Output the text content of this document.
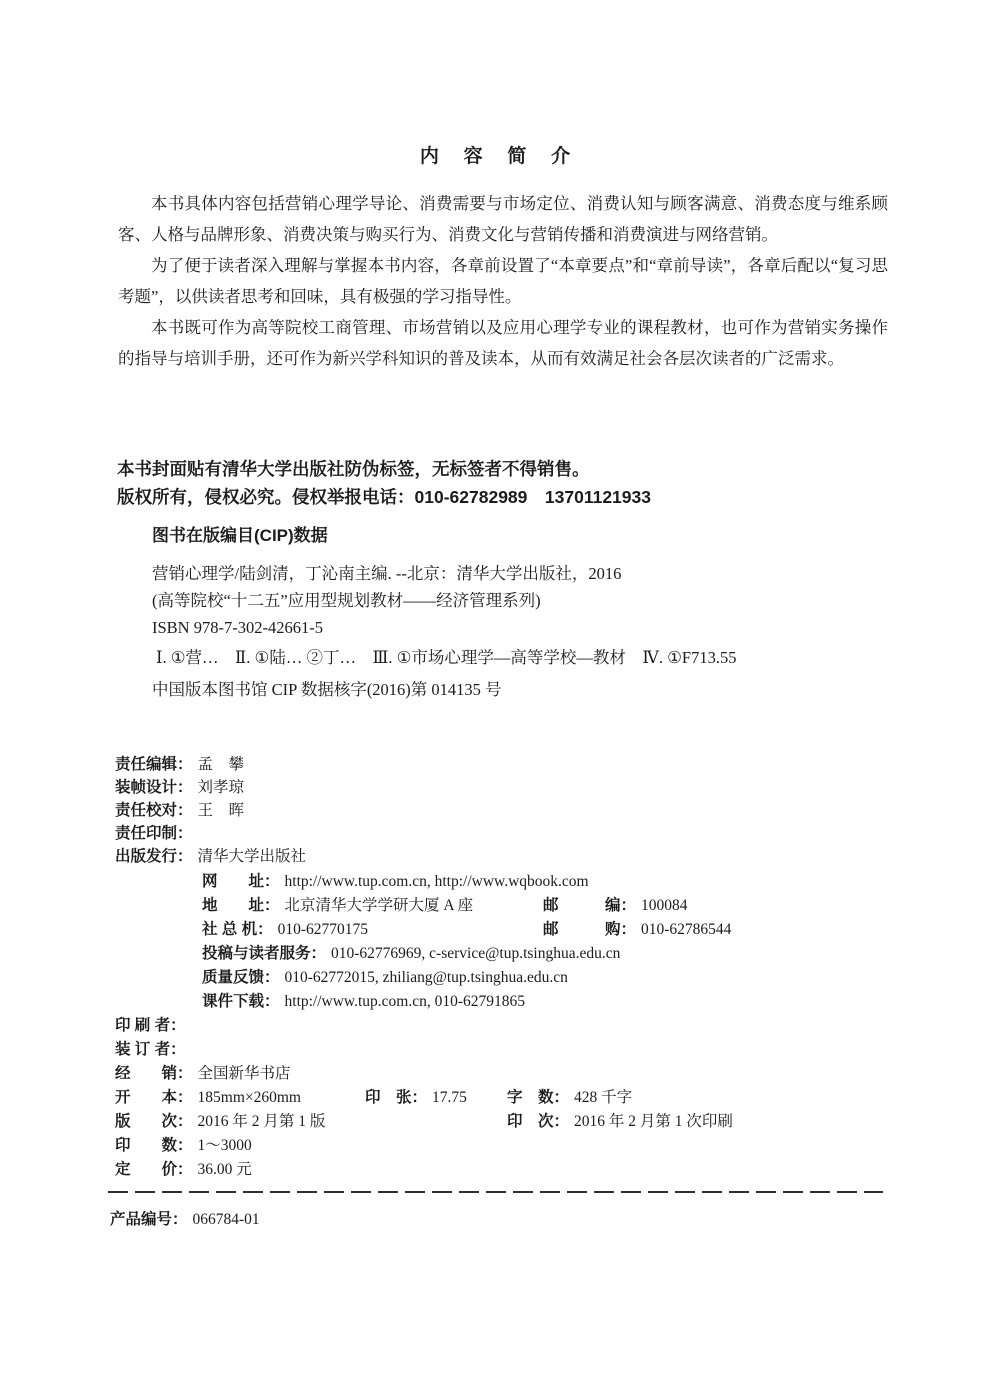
内 容 简 介

本书具体内容包括营销心理学导论、消费需要与市场定位、消费认知与顾客满意、消费态度与维系顾客、人格与品牌形象、消费决策与购买行为、消费文化与营销传播和消费演进与网络营销。

为了便于读者深入理解与掌握本书内容，各章前设置了“本章要点”和“章前导读”，各章后配以“复习思考题”，以供读者思考和回味，具有极强的学习指导性。

本书既可作为高等院校工商管理、市场营销以及应用心理学专业的课程教材，也可作为营销实务操作的指导与培训手册，还可作为新兴学科知识的普及读本，从而有效满足社会各层次读者的广泛需求。

本书封面贴有清华大学出版社防伪标签，无标签者不得销售。

版权所有，侵权必究。侵权举报电话：010-62782989　13701121933

图书在版编目(CIP)数据

营销心理学/陆剑清，丁沁南主编. --北京：清华大学出版社，2016

(高等院校“十二五”应用型规划教材——经济管理系列)

ISBN 978-7-302-42661-5

Ⅰ. ①营…　Ⅱ. ①陆… ②丁…　Ⅲ. ①市场心理学—高等学校—教材　Ⅳ. ①F713.55

中国版本图书馆 CIP 数据核字(2016)第 014135 号

责任编辑： 孟　攀
装帧设计： 刘孝琼
责任校对： 王　晖
责任印制：
出版发行： 清华大学出版社
网　　址： http://www.tup.com.cn, http://www.wqbook.com
地　　址： 北京清华大学学研大厦 A 座	邮　　　编： 100084
社 总 机： 010-62770175	邮　　　购： 010-62786544
投稿与读者服务： 010-62776969, c-service@tup.tsinghua.edu.cn
质量反馈： 010-62772015, zhiliang@tup.tsinghua.edu.cn
课件下载： http://www.tup.com.cn, 010-62791865
印 刷 者：
装 订 者：
经　　销： 全国新华书店
开　　本： 185mm×260mm	印　张： 17.75	字　数： 428 千字
版　　次： 2016 年 2 月第 1 版	印　次： 2016 年 2 月第 1 次印刷
印　　数： 1～3000
定　　价： 36.00 元
产品编号： 066784-01
